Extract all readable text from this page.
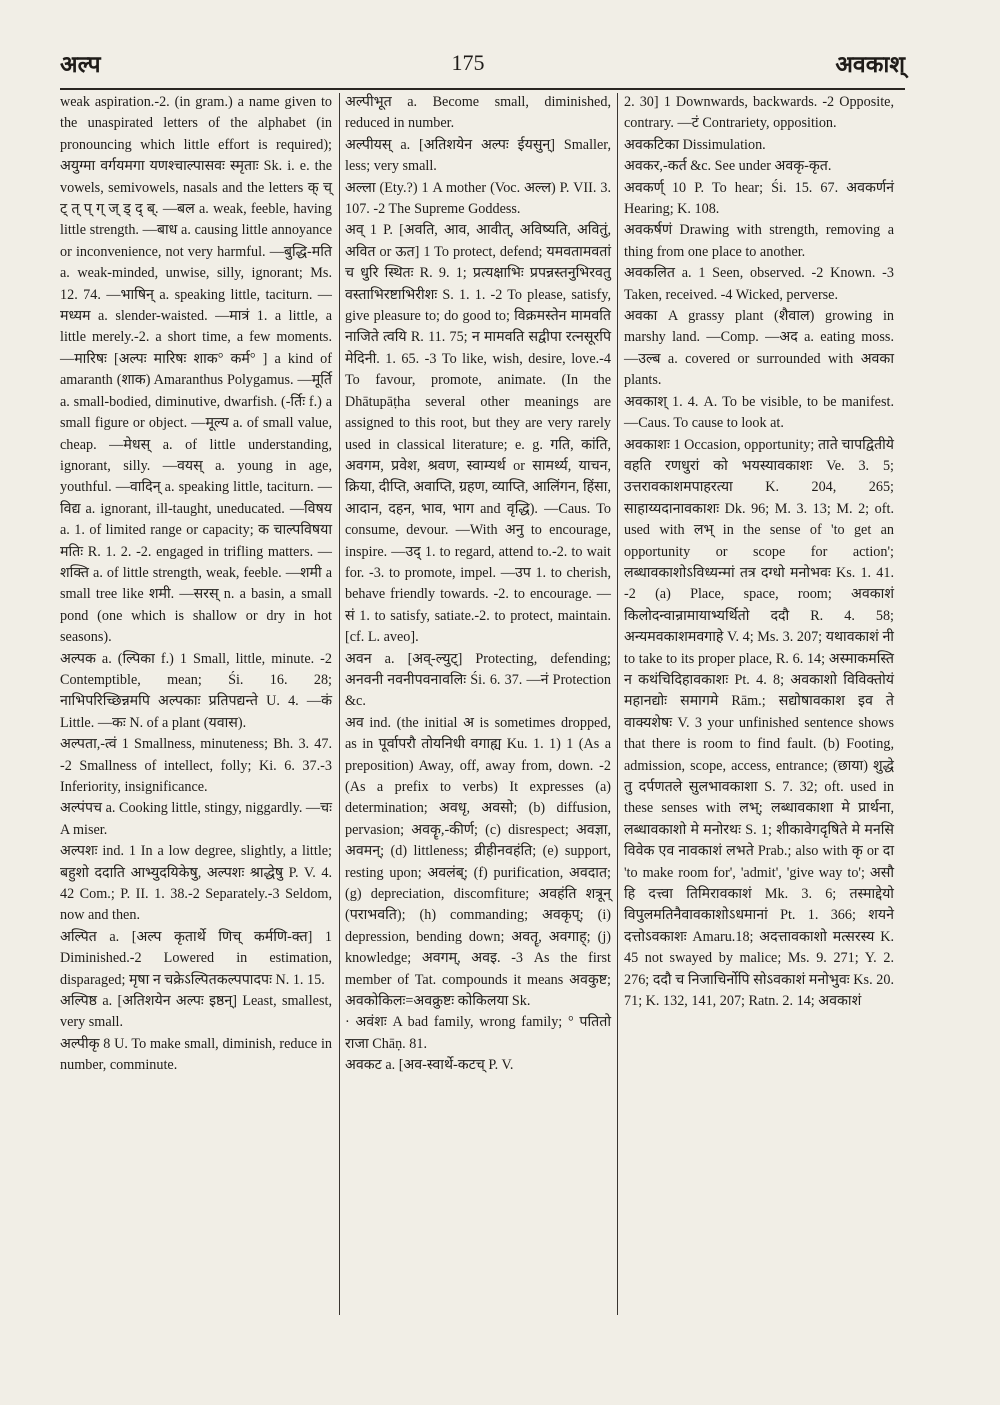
अल्प	175	अवकाश्

weak aspiration.-2. (in gram.) a name given to the unaspirated letters of the alphabet (in pronouncing which little effort is required); अयुग्मा वर्गयमगा यणश्चाल्पासवः स्मृताः Sk. i. e. the vowels, semivowels, nasals and the letters क् च् ट् त् प् ग् ज् ड् द् ब्. —बल a. weak, feeble, having little strength. —बाध a. causing little annoyance or inconvenience, not very harmful. —बुद्धि-मति a. weak-minded, unwise, silly, ignorant; Ms. 12. 74. —भाषिन् a. speaking little, taciturn. —मध्यम a. slender-waisted. —मात्रं 1. a little, a little merely.-2. a short time, a few moments. —मारिषः [अल्पः मारिषः शाक° कर्म° ] a kind of amaranth (शाक) Amaranthus Polygamus. —मूर्ति a. small-bodied, diminutive, dwarfish. (-र्तिः f.) a small figure or object. —मूल्य a. of small value, cheap. —मेधस् a. of little understanding, ignorant, silly. —वयस् a. young in age, youthful. —वादिन् a. speaking little, taciturn. —विद्य a. ignorant, ill-taught, uneducated. —विषय a. 1. of limited range or capacity; क चाल्पविषया मतिः R. 1. 2. -2. engaged in trifling matters. —शक्ति a. of little strength, weak, feeble. —शमी a small tree like शमी. —सरस् n. a basin, a small pond (one which is shallow or dry in hot seasons).

अल्पक a. (ल्पिका f.) 1 Small, little, minute. -2 Contemptible, mean; Śi. 16. 28; नाभिपरिच्छिन्नमपि अल्पकाः प्रतिपद्यन्ते U. 4. —कं Little. —कः N. of a plant (यवास).

अल्पता,-त्वं 1 Smallness, minuteness; Bh. 3. 47. -2 Smallness of intellect, folly; Ki. 6. 37.-3 Inferiority, insignificance.

अल्पंपच a. Cooking little, stingy, niggardly. —चः A miser.

अल्पशः ind. 1 In a low degree, slightly, a little; बहुशो ददाति आभ्युदयिकेषु, अल्पशः श्राद्धेषु P. V. 4. 42 Com.; P. II. 1. 38.-2 Separately.-3 Seldom, now and then.

अल्पित a. [अल्प कृतार्थे णिच् कर्मणि-क्त] 1 Diminished.-2 Lowered in estimation, disparaged; मृषा न चक्रेऽल्पितकल्पपादपः N. 1. 15.

अल्पिष्ठ a. [अतिशयेन अल्पः इष्ठन्] Least, smallest, very small.

अल्पीकृ 8 U. To make small, diminish, reduce in number, comminute.

अल्पीभूत a. Become small, diminished, reduced in number.

अल्पीयस् a. [अतिशयेन अल्पः ईयसुन्] Smaller, less; very small.

अल्ला (Ety.?) 1 A mother (Voc. अल्ल) P. VII. 3. 107. -2 The Supreme Goddess.

अव् 1 P. [अवति, आव, आवीत्, अविष्यति, अवितुं, अवित or ऊत] 1 To protect, defend; यमवतामवतां च धुरि स्थितः R. 9. 1; प्रत्यक्षाभिः प्रपन्नस्तनुभिरवतु वस्ताभिरष्टाभिरीशः S. 1. 1. -2 To please, satisfy, give pleasure to; do good to; विक्रमस्तेन मामवति नाजिते त्वयि R. 11. 75; न मामवति सद्वीपा रत्नसूरपि मेदिनी. 1. 65. -3 To like, wish, desire, love.-4 To favour, promote, animate. (In the Dhātupāṭha several other meanings are assigned to this root, but they are very rarely used in classical literature; e. g. गति, कांति, अवगम, प्रवेश, श्रवण, स्वाम्यर्थ or सामर्थ्य, याचन, क्रिया, दीप्ति, अवाप्ति, ग्रहण, व्याप्ति, आलिंगन, हिंसा, आदान, दहन, भाव, भाग and वृद्धि). —Caus. To consume, devour. —With अनु to encourage, inspire. —उद् 1. to regard, attend to.-2. to wait for. -3. to promote, impel. —उप 1. to cherish, behave friendly towards. -2. to encourage. —सं 1. to satisfy, satiate.-2. to protect, maintain. [cf. L. aveo].

अवन a. [अव्-ल्युट्] Protecting, defending; अनवनी नवनीपवनावलिः Śi. 6. 37. —नं Protection &c.

अव ind. (the initial अ is sometimes dropped, as in पूर्वापरौ तोयनिधी वगाह्य Ku. 1. 1) 1 (As a preposition) Away, off, away from, down. -2 (As a prefix to verbs) It expresses (a) determination; अवधृ, अवसो; (b) diffusion, pervasion; अवकॄ,-कीर्ण; (c) disrespect; अवज्ञा, अवमन्; (d) littleness; व्रीहीनवहंति; (e) support, resting upon; अवलंब्; (f) purification, अवदात; (g) depreciation, discomfiture; अवहंति शत्रून् (पराभवति); (h) commanding; अवकृप्; (i) depression, bending down; अवतॄ, अवगाह्; (j) knowledge; अवगम्, अवइ. -3 As the first member of Tat. compounds it means अवकुष्ट; अवकोकिलः=अवक्रुष्टः कोकिलया Sk.

· अवंशः A bad family, wrong family; ° पतितो राजा Chāṇ. 81.

अवकट a. [अव-स्वार्थे-कटच् P. V.

2. 30] 1 Downwards, backwards. -2 Opposite, contrary. —टं Contrariety, opposition.

अवकटिका Dissimulation.

अवकर,-कर्त &c. See under अवकृ-कृत.

अवकर्ण् 10 P. To hear; Śi. 15. 67. अवकर्णनं Hearing; K. 108.

अवकर्षणं Drawing with strength, removing a thing from one place to another.

अवकलित a. 1 Seen, observed. -2 Known. -3 Taken, received. -4 Wicked, perverse.

अवका A grassy plant (शैवाल) growing in marshy land. —Comp. —अद a. eating moss. —उल्ब a. covered or surrounded with अवका plants.

अवकाश् 1. 4. A. To be visible, to be manifest. —Caus. To cause to look at.

अवकाशः 1 Occasion, opportunity; ताते चापद्वितीये वहति रणधुरां को भयस्यावकाशः Ve. 3. 5; उत्तरावकाशमपाहरत्या K. 204, 265; साहाय्यदानावकाशः Dk. 96; M. 3. 13; M. 2; oft. used with लभ् in the sense of 'to get an opportunity or scope for action'; लब्धावकाशोऽविध्यन्मां तत्र दग्धो मनोभवः Ks. 1. 41. -2 (a) Place, space, room; अवकाशं किलोदन्वान्रामायाभ्यर्थितो ददौ R. 4. 58; अन्यमवकाशमवगाहे V. 4; Ms. 3. 207; यथावकाशं नी to take to its proper place, R. 6. 14; अस्माकमस्ति न कथंचिदिहावकाशः Pt. 4. 8; अवकाशो विविक्तोयं महानद्योः समागमे Rām.; सद्योषावकाश इव ते वाक्यशेषः V. 3 your unfinished sentence shows that there is room to find fault. (b) Footing, admission, scope, access, entrance; (छाया) शुद्धे तु दर्पणतले सुलभावकाशा S. 7. 32; oft. used in these senses with लभ्; लब्धावकाशा मे प्रार्थना, लब्धावकाशो मे मनोरथः S. 1; शीकावेगदृषिते मे मनसि विवेक एव नावकाशं लभते Prab.; also with कृ or दा 'to make room for', 'admit', 'give way to'; असौ हि दत्त्वा तिमिरावकाशं Mk. 3. 6; तस्माद्देयो विपुलमतिनैवावकाशोऽधमानां Pt. 1. 366; शयने दत्तोऽवकाशः Amaru.18; अदत्तावकाशो मत्सरस्य K. 45 not swayed by malice; Ms. 9. 271; Y. 2. 276; ददौ च निजाचिर्नोपि सोऽवकाशं मनोभुवः Ks. 20. 71; K. 132, 141, 207; Ratn. 2. 14; अवकाशं
